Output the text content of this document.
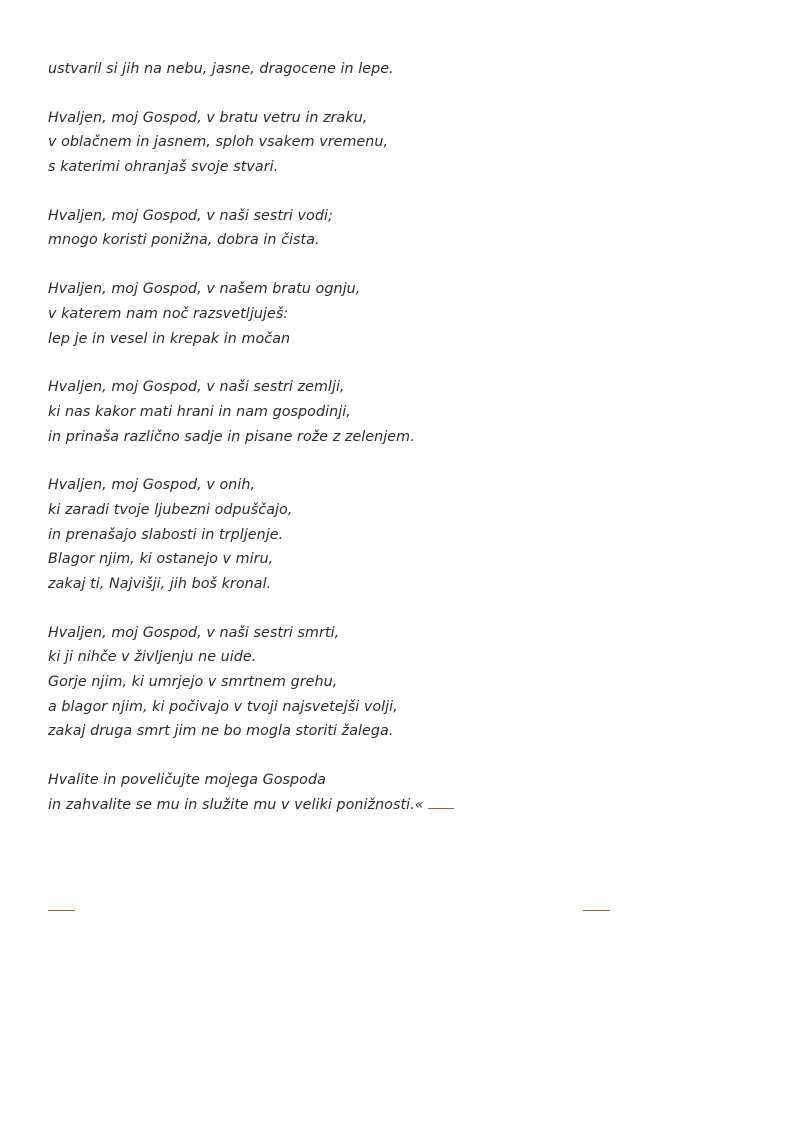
ustvaril si jih na nebu, jasne, dragocene in lepe.
Hvaljen, moj Gospod, v bratu vetru in zraku,
v oblačnem in jasnem, sploh vsakem vremenu,
s katerimi ohranjaš svoje stvari.
Hvaljen, moj Gospod, v naši sestri vodi;
mnogo koristi ponižna, dobra in čista.
Hvaljen, moj Gospod, v našem bratu ognju,
v katerem nam noč razsvetljuješ:
lep je in vesel in krepak in močan
Hvaljen, moj Gospod, v naši sestri zemlji,
ki nas kakor mati hrani in nam gospodinji,
in prinaša različno sadje in pisane rože z zelenjem.
Hvaljen, moj Gospod, v onih,
ki zaradi tvoje ljubezni odpuščajo,
in prenašajo slabosti in trpljenje.
Blagor njim, ki ostanejo v miru,
zakaj ti, Najvišji, jih boš kronal.
Hvaljen, moj Gospod, v naši sestri smrti,
ki ji nihče v življenju ne uide.
Gorje njim, ki umrjejo v smrtnem grehu,
a blagor njim, ki počivajo v tvoji najsvetejši volji,
zakaj druga smrt jim ne bo mogla storiti žalega.
Hvalite in poveličujte mojega Gospoda
in zahvalite se mu in služite mu v veliki ponižnosti.«
